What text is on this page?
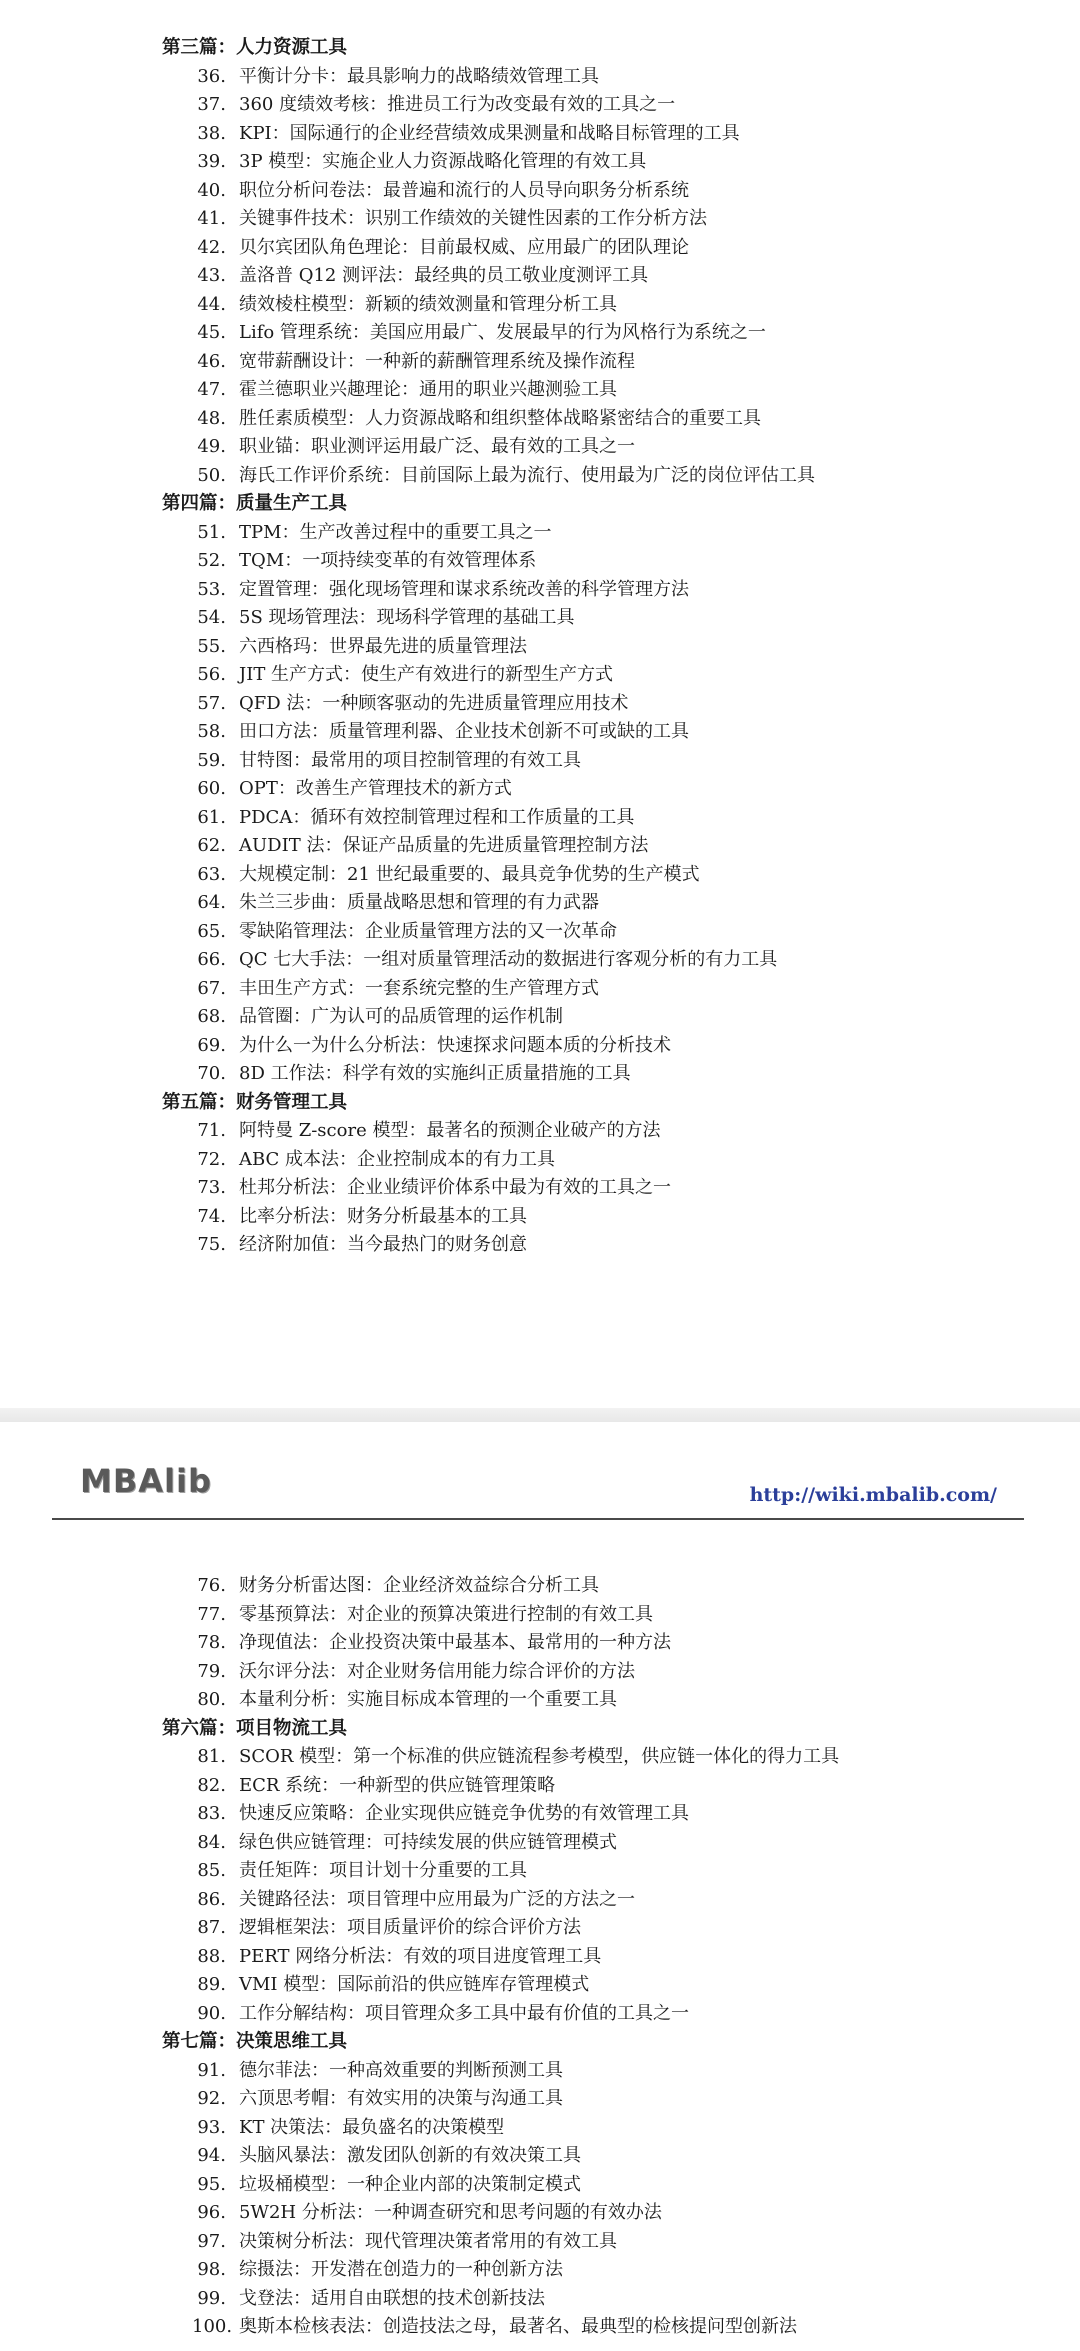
第三篇：人力资源工具
36. 平衡计分卡：最具影响力的战略绩效管理工具
37. 360 度绩效考核：推进员工行为改变最有效的工具之一
38. KPI：国际通行的企业经营绩效成果测量和战略目标管理的工具
39. 3P 模型：实施企业人力资源战略化管理的有效工具
40. 职位分析问卷法：最普遍和流行的人员导向职务分析系统
41. 关键事件技术：识别工作绩效的关键性因素的工作分析方法
42. 贝尔宾团队角色理论：目前最权威、应用最广的团队理论
43. 盖洛普 Q12 测评法：最经典的员工敬业度测评工具
44. 绩效棱柱模型：新颖的绩效测量和管理分析工具
45. Lifo 管理系统：美国应用最广、发展最早的行为风格行为系统之一
46. 宽带薪酬设计：一种新的薪酬管理系统及操作流程
47. 霍兰德职业兴趣理论：通用的职业兴趣测验工具
48. 胜任素质模型：人力资源战略和组织整体战略紧密结合的重要工具
49. 职业锚：职业测评运用最广泛、最有效的工具之一
50. 海氏工作评价系统：目前国际上最为流行、使用最为广泛的岗位评估工具
第四篇：质量生产工具
51. TPM：生产改善过程中的重要工具之一
52. TQM：一项持续变革的有效管理体系
53. 定置管理：强化现场管理和谋求系统改善的科学管理方法
54. 5S 现场管理法：现场科学管理的基础工具
55. 六西格玛：世界最先进的质量管理法
56. JIT 生产方式：使生产有效进行的新型生产方式
57. QFD 法：一种顾客驱动的先进质量管理应用技术
58. 田口方法：质量管理利器、企业技术创新不可或缺的工具
59. 甘特图：最常用的项目控制管理的有效工具
60. OPT：改善生产管理技术的新方式
61. PDCA：循环有效控制管理过程和工作质量的工具
62. AUDIT 法：保证产品质量的先进质量管理控制方法
63. 大规模定制：21 世纪最重要的、最具竞争优势的生产模式
64. 朱兰三步曲：质量战略思想和管理的有力武器
65. 零缺陷管理法：企业质量管理方法的又一次革命
66. QC 七大手法：一组对质量管理活动的数据进行客观分析的有力工具
67. 丰田生产方式：一套系统完整的生产管理方式
68. 品管圈：广为认可的品质管理的运作机制
69. 为什么一为什么分析法：快速探求问题本质的分析技术
70. 8D 工作法：科学有效的实施纠正质量措施的工具
第五篇：财务管理工具
71. 阿特曼 Z-score 模型：最著名的预测企业破产的方法
72. ABC 成本法：企业控制成本的有力工具
73. 杜邦分析法：企业业绩评价体系中最为有效的工具之一
74. 比率分析法：财务分析最基本的工具
75. 经济附加值：当今最热门的财务创意
MBAlib	http://wiki.mbalib.com/
76. 财务分析雷达图：企业经济效益综合分析工具
77. 零基预算法：对企业的预算决策进行控制的有效工具
78. 净现值法：企业投资决策中最基本、最常用的一种方法
79. 沃尔评分法：对企业财务信用能力综合评价的方法
80. 本量利分析：实施目标成本管理的一个重要工具
第六篇：项目物流工具
81. SCOR 模型：第一个标准的供应链流程参考模型，供应链一体化的得力工具
82. ECR 系统：一种新型的供应链管理策略
83. 快速反应策略：企业实现供应链竞争优势的有效管理工具
84. 绿色供应链管理：可持续发展的供应链管理模式
85. 责任矩阵：项目计划十分重要的工具
86. 关键路径法：项目管理中应用最为广泛的方法之一
87. 逻辑框架法：项目质量评价的综合评价方法
88. PERT 网络分析法：有效的项目进度管理工具
89. VMI 模型：国际前沿的供应链库存管理模式
90. 工作分解结构：项目管理众多工具中最有价值的工具之一
第七篇：决策思维工具
91. 德尔菲法：一种高效重要的判断预测工具
92. 六顶思考帽：有效实用的决策与沟通工具
93. KT 决策法：最负盛名的决策模型
94. 头脑风暴法：激发团队创新的有效决策工具
95. 垃圾桶模型：一种企业内部的决策制定模式
96. 5W2H 分析法：一种调查研究和思考问题的有效办法
97. 决策树分析法：现代管理决策者常用的有效工具
98. 综摄法：开发潜在创造力的一种创新方法
99. 戈登法：适用自由联想的技术创新技法
100. 奥斯本检核表法：创造技法之母，最著名、最典型的检核提问型创新法
